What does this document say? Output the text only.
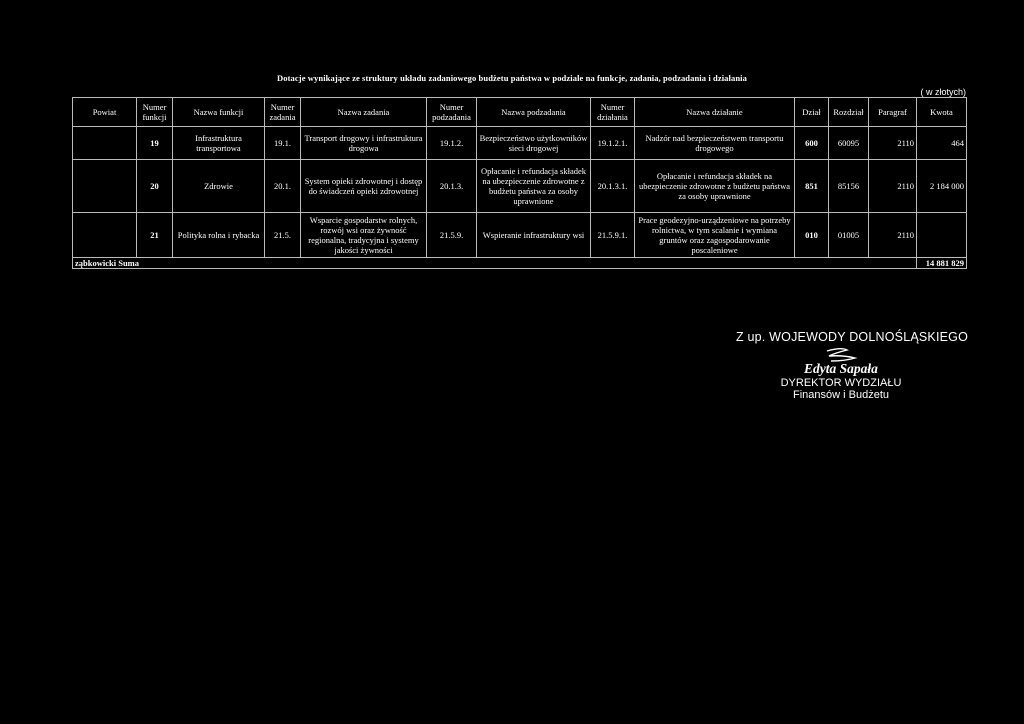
Dotacje wynikające ze struktury układu zadaniowego budżetu państwa w podziale na funkcje, zadania, podzadania i działania
( w złotych)
Powiat	Numer funkcji	Nazwa funkcji	Numer zadania	Nazwa zadania	Numer podzadania	Nazwa podzadania	Numer działania	Nazwa działanie	Dział	Rozdział	Paragraf	Kwota
	19	Infrastruktura transportowa	19.1.	Transport drogowy i infrastruktura drogowa	19.1.2.	Bezpieczeństwo użytkowników sieci drogowej	19.1.2.1.	Nadzór nad bezpieczeństwem transportu drogowego	600	60095	2110	464
	20	Zdrowie	20.1.	System opieki zdrowotnej i dostęp do świadczeń opieki zdrowotnej	20.1.3.	Opłacanie i refundacja składek na ubezpieczenie zdrowotne z budżetu państwa za osoby uprawnione	20.1.3.1.	Opłacanie i refundacja składek na ubezpieczenie zdrowotne z budżetu państwa za osoby uprawnione	851	85156	2110	2 184 000
	21	Polityka rolna i rybacka	21.5.	Wsparcie gospodarstw rolnych, rozwój wsi oraz żywność regionalna, tradycyjna i systemy jakości żywności	21.5.9.	Wspieranie infrastruktury wsi	21.5.9.1.	Prace geodezyjno-urządzeniowe na potrzeby rolnictwa, w tym scalanie i wymiana gruntów oraz zagospodarowanie poscaleniowe	010	01005	2110	
ząbkowicki Suma												14 881 829
Z up. WOJEWODY DOLNOŚLĄSKIEGO
Edyta Sapała
DYREKTOR WYDZIAŁU
Finansów i Budżetu
